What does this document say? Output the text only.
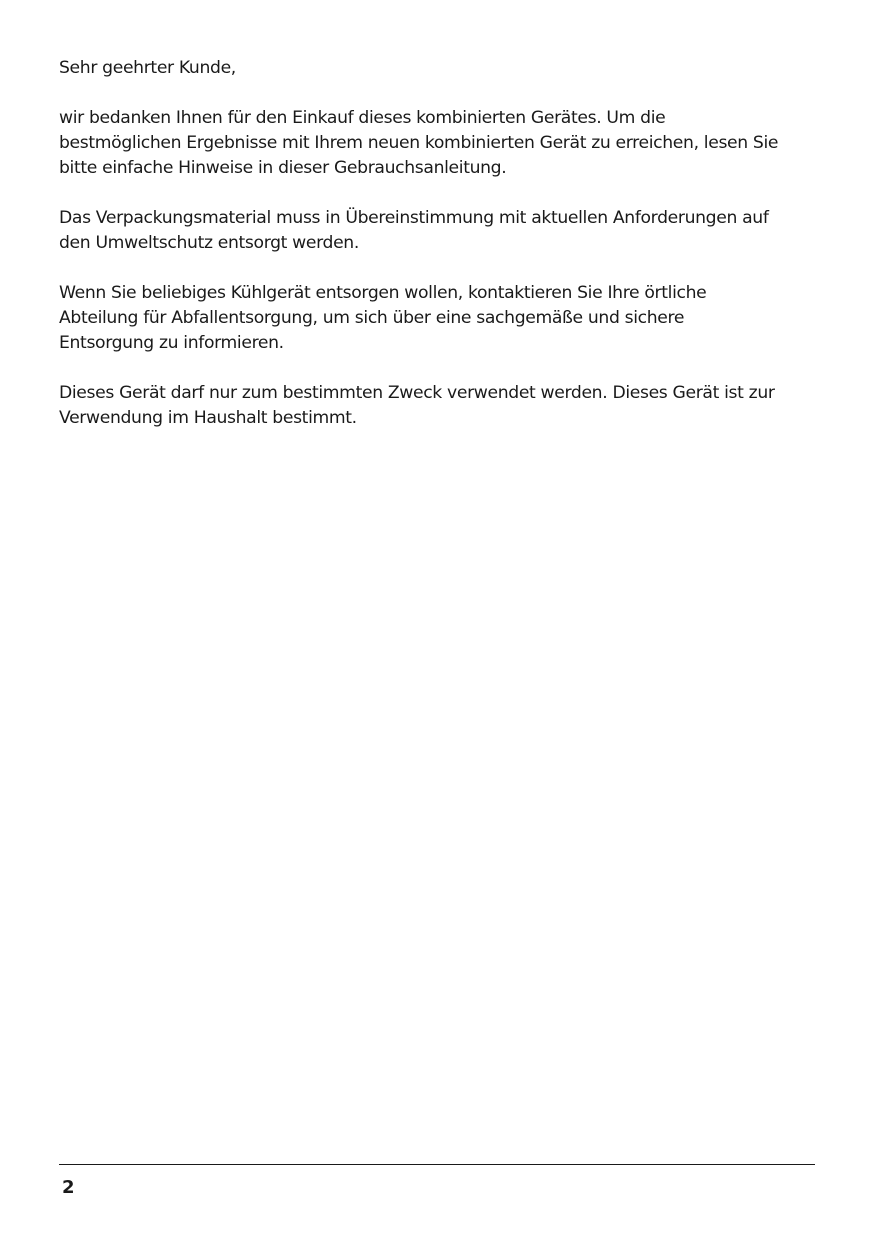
Sehr geehrter Kunde,

wir bedanken Ihnen für den Einkauf dieses kombinierten Gerätes. Um die
bestmöglichen Ergebnisse mit Ihrem neuen kombinierten Gerät zu erreichen, lesen Sie
bitte einfache Hinweise in dieser Gebrauchsanleitung.

Das Verpackungsmaterial muss in Übereinstimmung mit aktuellen Anforderungen auf
den Umweltschutz entsorgt werden.

Wenn Sie beliebiges Kühlgerät entsorgen wollen, kontaktieren Sie Ihre örtliche
Abteilung für Abfallentsorgung, um sich über eine sachgemäße und sichere
Entsorgung zu informieren.

Dieses Gerät darf nur zum bestimmten Zweck verwendet werden. Dieses Gerät ist zur
Verwendung im Haushalt bestimmt.

2
